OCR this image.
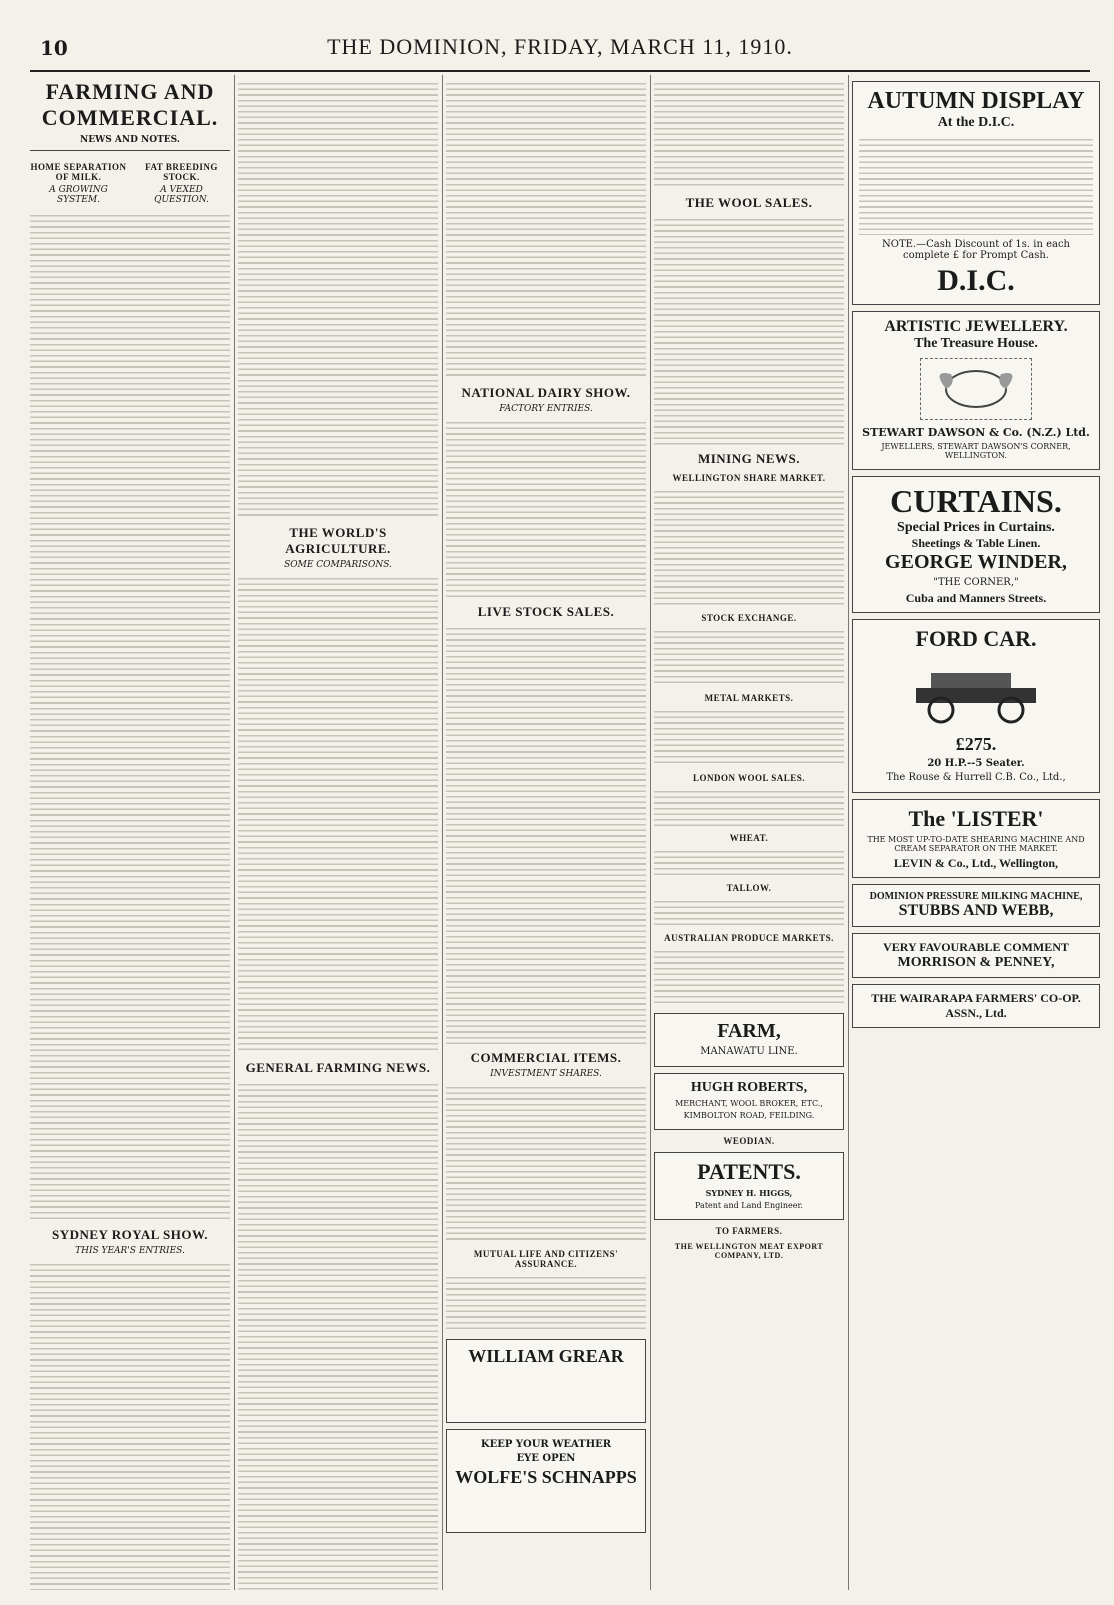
10	THE DOMINION, FRIDAY, MARCH 11, 1910.
FARMING AND COMMERCIAL.
NEWS AND NOTES.
HOME SEPARATION OF MILK.
A GROWING SYSTEM.
FAT BREEDING STOCK.
A VEXED QUESTION.
SYDNEY ROYAL SHOW.
THIS YEAR'S ENTRIES.
THE WORLD'S AGRICULTURE.
SOME COMPARISONS.
GENERAL FARMING NEWS.
NATIONAL DAIRY SHOW.
FACTORY ENTRIES.
LIVE STOCK SALES.
COMMERCIAL ITEMS.
INVESTMENT SHARES.
MUTUAL LIFE AND CITIZENS' ASSURANCE.
WILLIAM GREAR
KEEP YOUR WEATHER
EYE OPEN
WOLFE'S SCHNAPPS
THE WOOL SALES.
MINING NEWS.
WELLINGTON SHARE MARKET.
STOCK EXCHANGE.
METAL MARKETS.
LONDON WOOL SALES.
WHEAT.
TALLOW.
AUSTRALIAN PRODUCE MARKETS.
FARM,
MANAWATU LINE.
HUGH ROBERTS,
MERCHANT, WOOL BROKER, ETC.,
KIMBOLTON ROAD, FEILDING.
WEODIAN.
PATENTS.
SYDNEY H. HIGGS,
Patent and Land Engineer.
TO FARMERS.
THE WELLINGTON MEAT EXPORT COMPANY, LTD.
AUTUMN DISPLAY
At the D.I.C.
NOTE.—Cash Discount of 1s. in each complete £ for Prompt Cash.
D.I.C.
ARTISTIC JEWELLERY.
The Treasure House.
STEWART DAWSON & Co. (N.Z.) Ltd.
JEWELLERS, STEWART DAWSON'S CORNER, WELLINGTON.
CURTAINS.
Special Prices in Curtains.
Sheetings & Table Linen.
GEORGE WINDER,
"THE CORNER,"
Cuba and Manners Streets.
FORD CAR.
£275.
20 H.P.--5 Seater.
The Rouse & Hurrell C.B. Co., Ltd.,
The 'LISTER'
THE MOST UP-TO-DATE SHEARING MACHINE AND CREAM SEPARATOR ON THE MARKET.
LEVIN & Co., Ltd., Wellington,
DOMINION PRESSURE MILKING MACHINE,
STUBBS AND WEBB,
VERY FAVOURABLE COMMENT
MORRISON & PENNEY,
THE WAIRARAPA FARMERS' CO-OP. ASSN., Ltd.
